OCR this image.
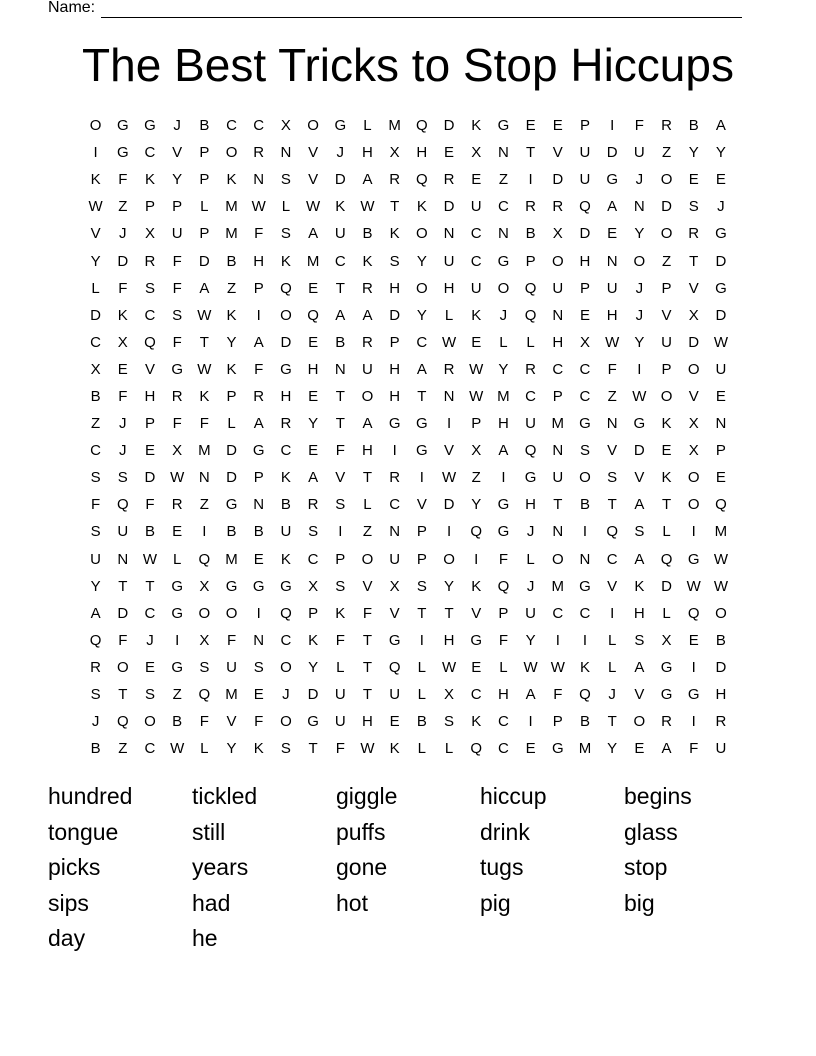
Name:
The Best Tricks to Stop Hiccups
O	G	G	J	B	C	C	X	O	G	L	M	Q	D	K	G	E	E	P	I	F	R	B	A
I	G	C	V	P	O	R	N	V	J	H	X	H	E	X	N	T	V	U	D	U	Z	Y	Y
K	F	K	Y	P	K	N	S	V	D	A	R	Q	R	E	Z	I	D	U	G	J	O	E	E
W	Z	P	P	L	M W	L	W	K	W	T	K	D	U	C	R	R	Q	A	N	D	S	J
V	J	X	U	P	M	F	S	A	U	B	K	O	N	C	N	B	X	D	E	Y	O	R	G
Y	D	R	F	D	B	H	K	M	C	K	S	Y	U	C	G	P	O	H	N	O	Z	T	D
L	F	S	F	A	Z	P	Q	E	T	R	H	O	H	U	O	Q	U	P	U	J	P	V	G
D	K	C	S	W	K	I	O	Q	A	A	D	Y	L	K	J	Q	N	E	H	J	V	X	D
C	X	Q	F	T	Y	A	D	E	B	R	P	C W	E	L	L	H	X	W	Y	U	D W
X	E	V	G W	K	F	G	H	N	U	H	A	R W	Y	R	C	C	F	I	P	O	U
B	F	H	R	K	P	R	H	E	T	O	H	T	N W M	C	P	C	Z	W O	V	E
Z	J	P	F	F	L	A	R	Y	T	A	G	G	I	P	H	U	M	G	N	G	K	X	N
C	J	E	X	M	D	G	C	E	F	H	I	G	V	X	A	Q	N	S	V	D	E	X	P
S	S	D W N	D	P	K	A	V	T	R	I	W	Z	I	G	U	O	S	V	K	O	E
F	Q	F	R	Z	G	N	B	R	S	L	C	V	D	Y	G	H	T	B	T	A	T	O	Q
S	U	B	E	I	B	B	U	S	I	Z	N	P	I	Q	G	J	N	I	Q	S	L	I	M
U	N W	L	Q	M	E	K	C	P	O	U	P	O	I	F	L	O	N	C	A	Q	G W
Y	T	T	G	X	G	G	G	X	S	V	X	S	Y	K	Q	J	M	G	V	K	D W W
A	D	C	G	O	O	I	Q	P	K	F	V	T	T	V	P	U	C	C	I	H	L	Q	O
Q	F	J	I	X	F	N	C	K	F	T	G	I	H	G	F	Y	I	I	L	S	X	E	B
R	O	E	G	S	U	S	O	Y	L	T	Q	L	W	E	L	W W	K	L	A	G	I	D
S	T	S	Z	Q	M	E	J	D	U	T	U	L	X	C	H	A	F	Q	J	V	G	G	H
J	Q	O	B	F	V	F	O	G	U	H	E	B	S	K	C	I	P	B	T	O	R	I	R
B	Z	C W	L	Y	K	S	T	F	W	K	L	L	Q	C	E	G	M	Y	E	A	F	U
hundred	tickled	giggle	hiccup	begins
tongue	still	puffs	drink	glass
picks	years	gone	tugs	stop
sips	had	hot	pig	big
day	he
